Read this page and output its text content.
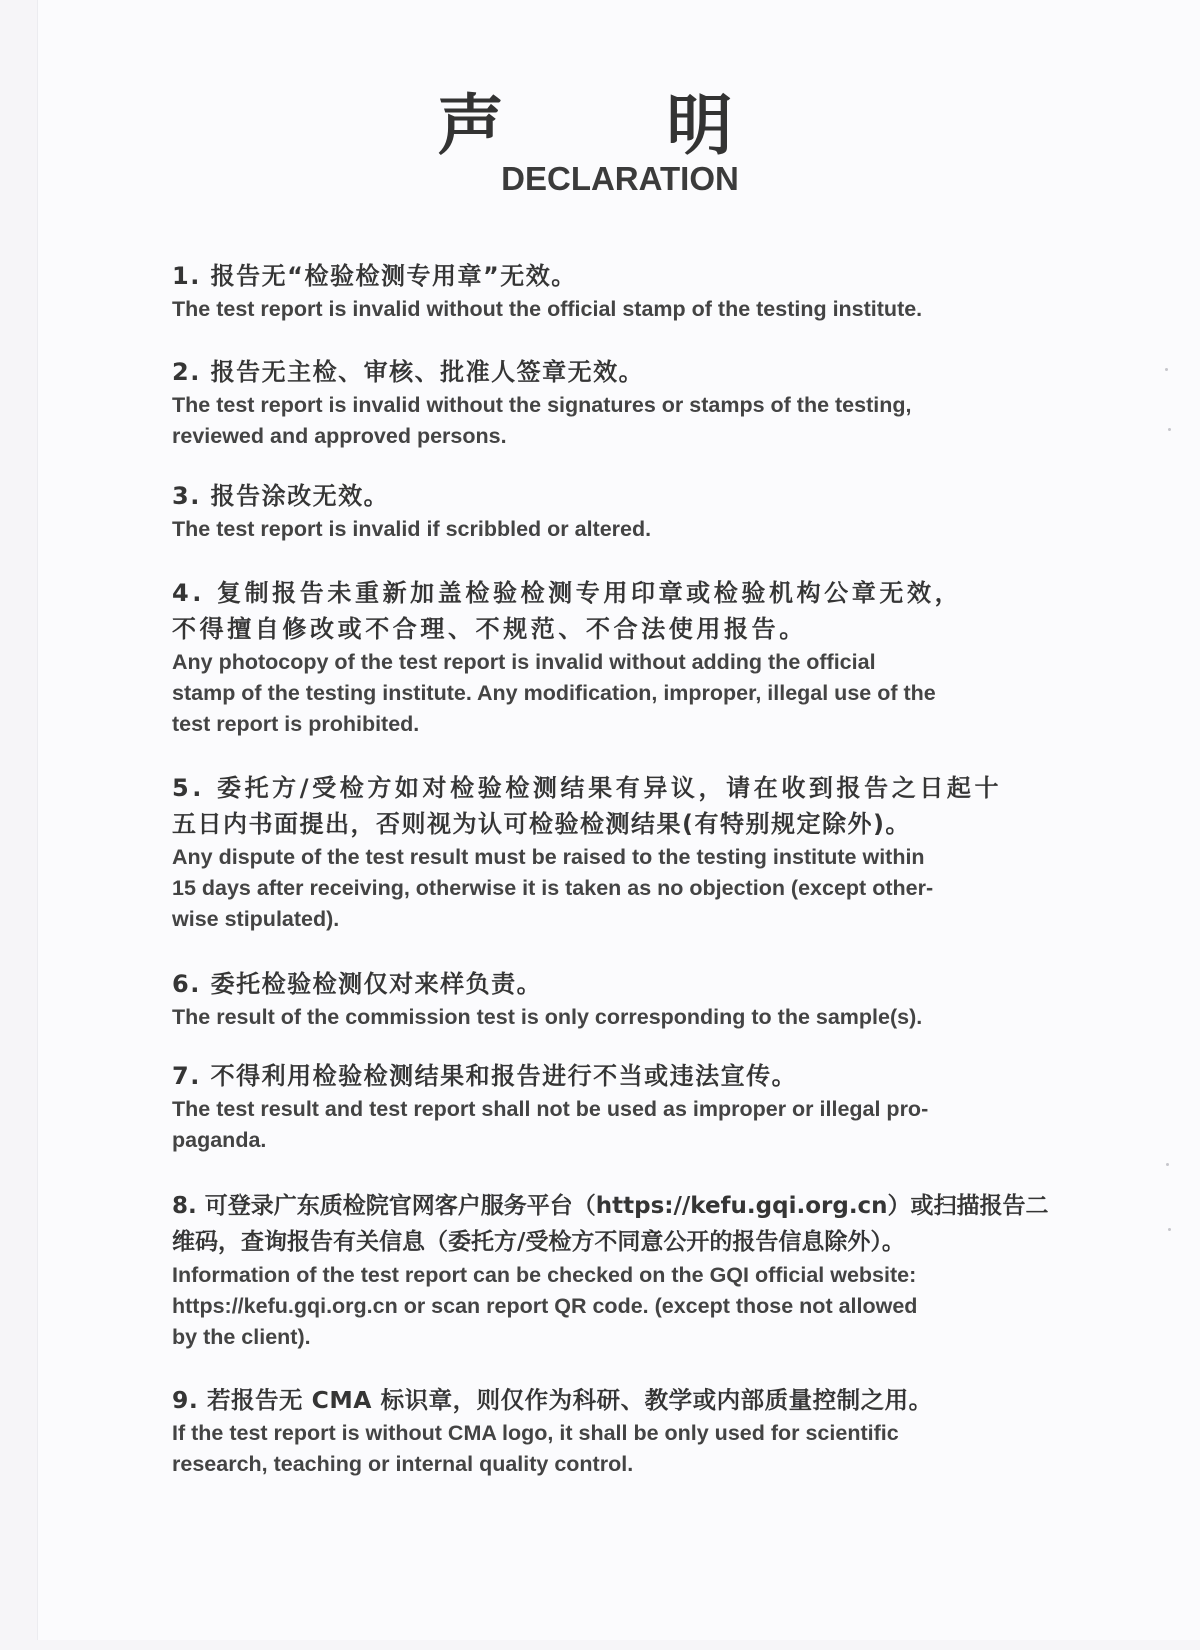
声 明
DECLARATION
1. 报告无“检验检测专用章”无效。
The test report is invalid without the official stamp of the testing institute.
2. 报告无主检、审核、批准人签章无效。
The test report is invalid without the signatures or stamps of the testing,
reviewed and approved persons.
3. 报告涂改无效。
The test report is invalid if scribbled or altered.
4. 复制报告未重新加盖检验检测专用印章或检验机构公章无效，
不得擅自修改或不合理、不规范、不合法使用报告。
Any photocopy of the test report is invalid without adding the official
stamp of the testing institute. Any modification, improper, illegal use of the
test report is prohibited.
5. 委托方/受检方如对检验检测结果有异议，请在收到报告之日起十
五日内书面提出，否则视为认可检验检测结果(有特别规定除外)。
Any dispute of the test result must be raised to the testing institute within
15 days after receiving, otherwise it is taken as no objection (except other-
wise stipulated).
6. 委托检验检测仅对来样负责。
The result of the commission test is only corresponding to the sample(s).
7. 不得利用检验检测结果和报告进行不当或违法宣传。
The test result and test report shall not be used as improper or illegal pro-
paganda.
8. 可登录广东质检院官网客户服务平台（https://kefu.gqi.org.cn）或扫描报告二
维码，查询报告有关信息（委托方/受检方不同意公开的报告信息除外）。
Information of the test report can be checked on the GQI official website:
https://kefu.gqi.org.cn or scan report QR code. (except those not allowed
by the client).
9. 若报告无 CMA 标识章，则仅作为科研、教学或内部质量控制之用。
If the test report is without CMA logo, it shall be only used for scientific
research, teaching or internal quality control.
